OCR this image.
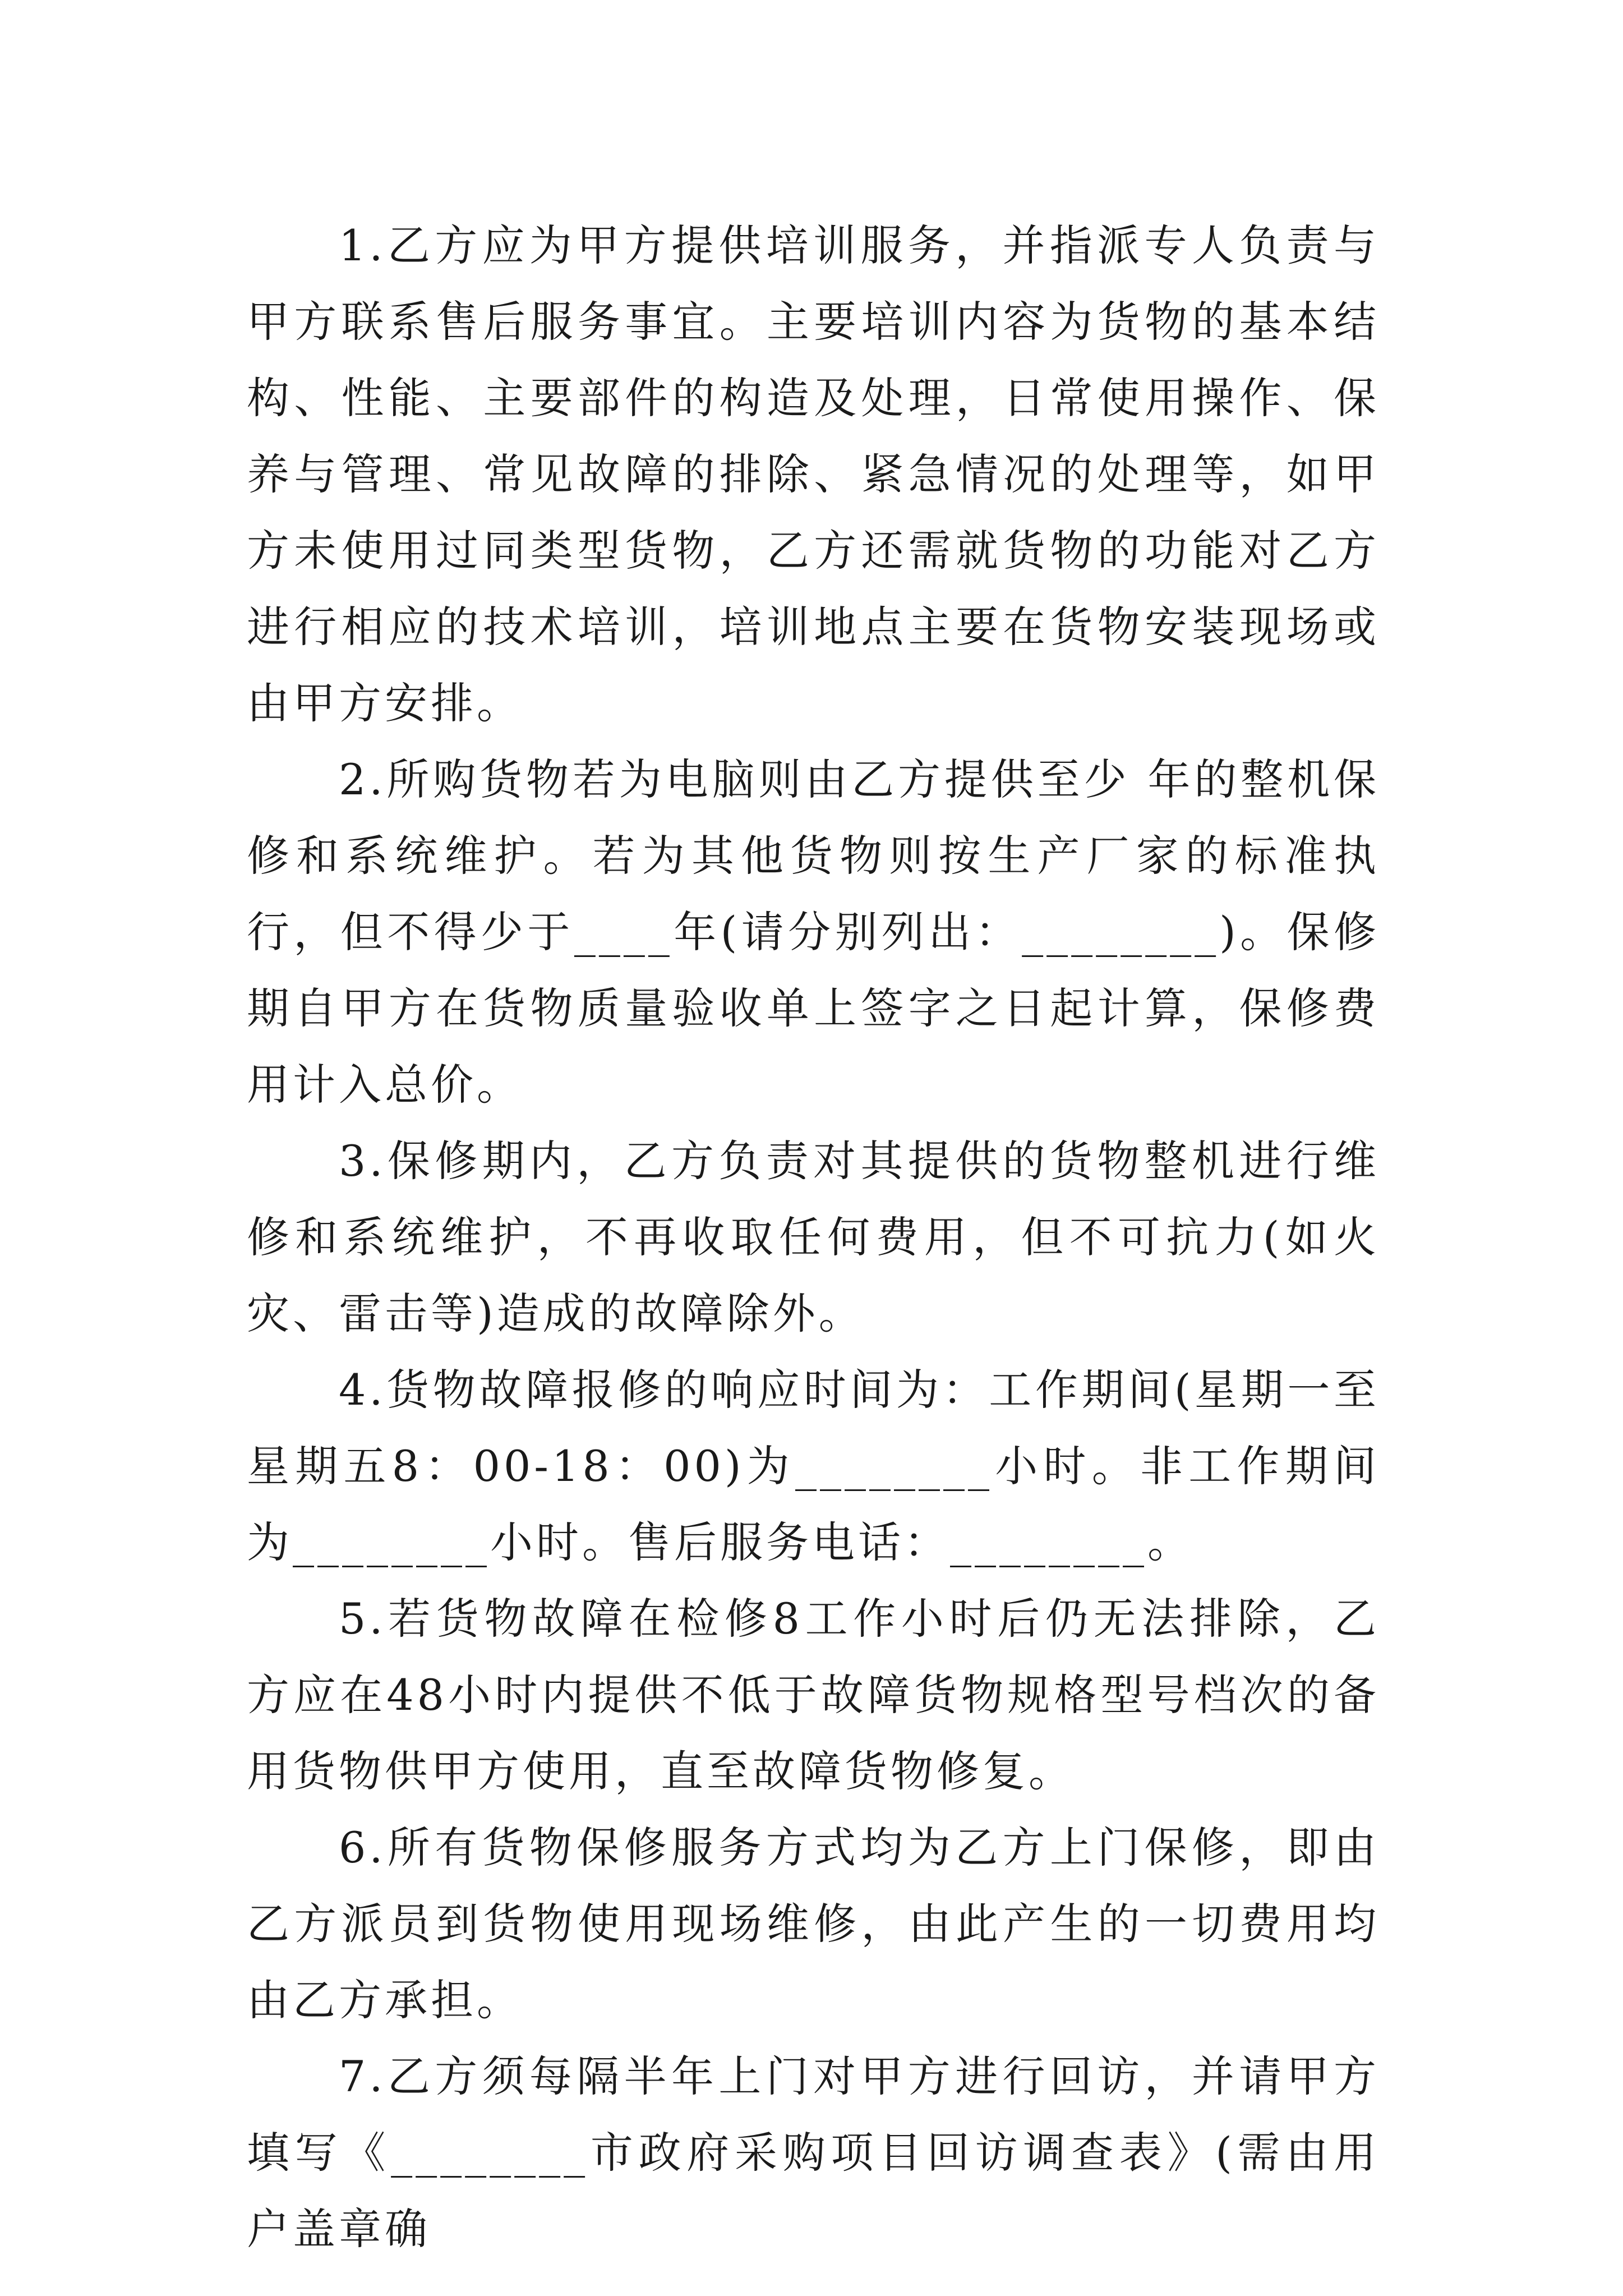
1.乙方应为甲方提供培训服务，并指派专人负责与甲方联系售后服务事宜。主要培训内容为货物的基本结构、性能、主要部件的构造及处理，日常使用操作、保养与管理、常见故障的排除、紧急情况的处理等，如甲方未使用过同类型货物，乙方还需就货物的功能对乙方进行相应的技术培训，培训地点主要在货物安装现场或由甲方安排。

2.所购货物若为电脑则由乙方提供至少 年的整机保修和系统维护。若为其他货物则按生产厂家的标准执行，但不得少于____年(请分别列出：________)。保修期自甲方在货物质量验收单上签字之日起计算，保修费用计入总价。

3.保修期内，乙方负责对其提供的货物整机进行维修和系统维护，不再收取任何费用，但不可抗力(如火灾、雷击等)造成的故障除外。

4.货物故障报修的响应时间为：工作期间(星期一至星期五8：00-18：00)为________小时。非工作期间为________小时。售后服务电话：________。

5.若货物故障在检修8工作小时后仍无法排除，乙方应在48小时内提供不低于故障货物规格型号档次的备用货物供甲方使用，直至故障货物修复。

6.所有货物保修服务方式均为乙方上门保修，即由乙方派员到货物使用现场维修，由此产生的一切费用均由乙方承担。

7.乙方须每隔半年上门对甲方进行回访，并请甲方填写《________市政府采购项目回访调查表》(需由用户盖章确
